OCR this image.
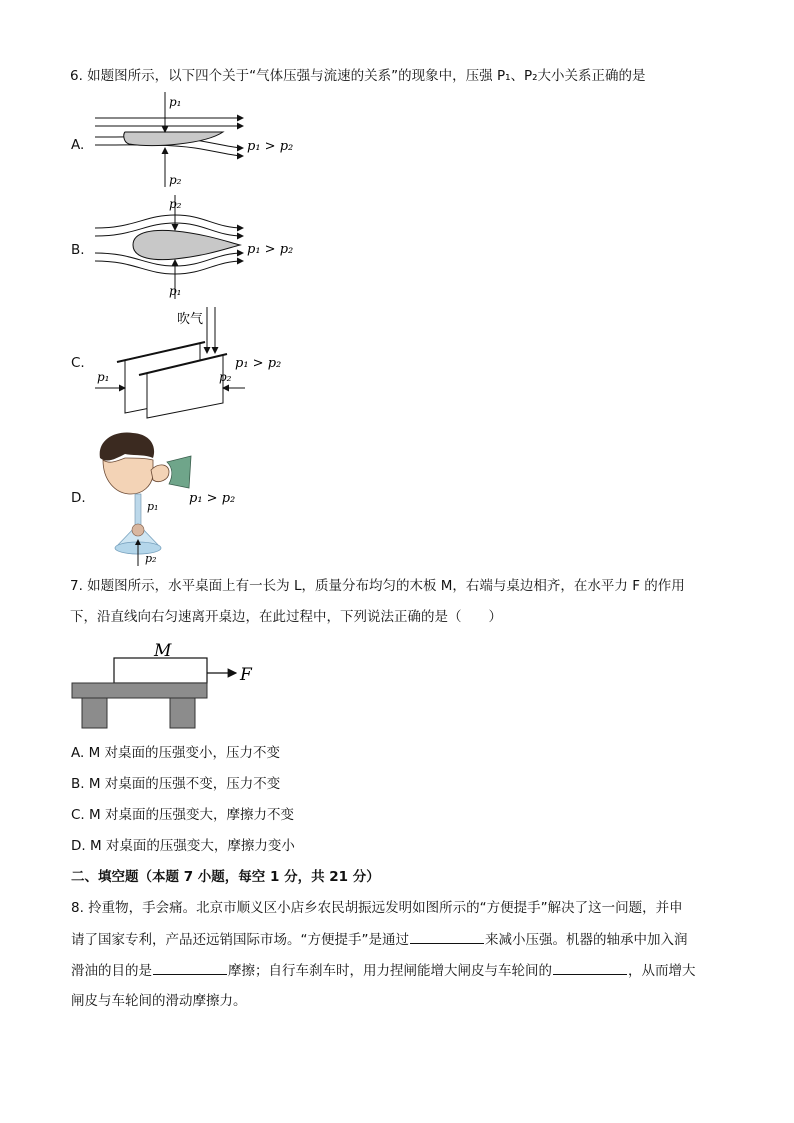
6. 如题图所示，以下四个关于“气体压强与流速的关系”的现象中，压强 P₁、P₂大小关系正确的是
A.
p₁
p₂
p₁ > p₂
B.
p₂
p₁
p₁ > p₂
C.
吹气
p₁	p₂
p₁ > p₂
D.
p₁
p₂
p₁ > p₂
7. 如题图所示，水平桌面上有一长为 L，质量分布均匀的木板 M，右端与桌边相齐，在水平力 F 的作用
下，沿直线向右匀速离开桌边，在此过程中，下列说法正确的是（　　）
M
F
A. M 对桌面的压强变小，压力不变
B. M 对桌面的压强不变，压力不变
C. M 对桌面的压强变大，摩擦力不变
D. M 对桌面的压强变大，摩擦力变小
二、填空题（本题 7 小题，每空 1 分，共 21 分）
8. 拎重物，手会痛。北京市顺义区小店乡农民胡振远发明如图所示的“方便提手”解决了这一问题，并申
请了国家专利，产品还远销国际市场。“方便提手”是通过	来减小压强。机器的轴承中加入润
滑油的目的是	摩擦；自行车刹车时，用力捏闸能增大闸皮与车轮间的	，从而增大
闸皮与车轮间的滑动摩擦力。
